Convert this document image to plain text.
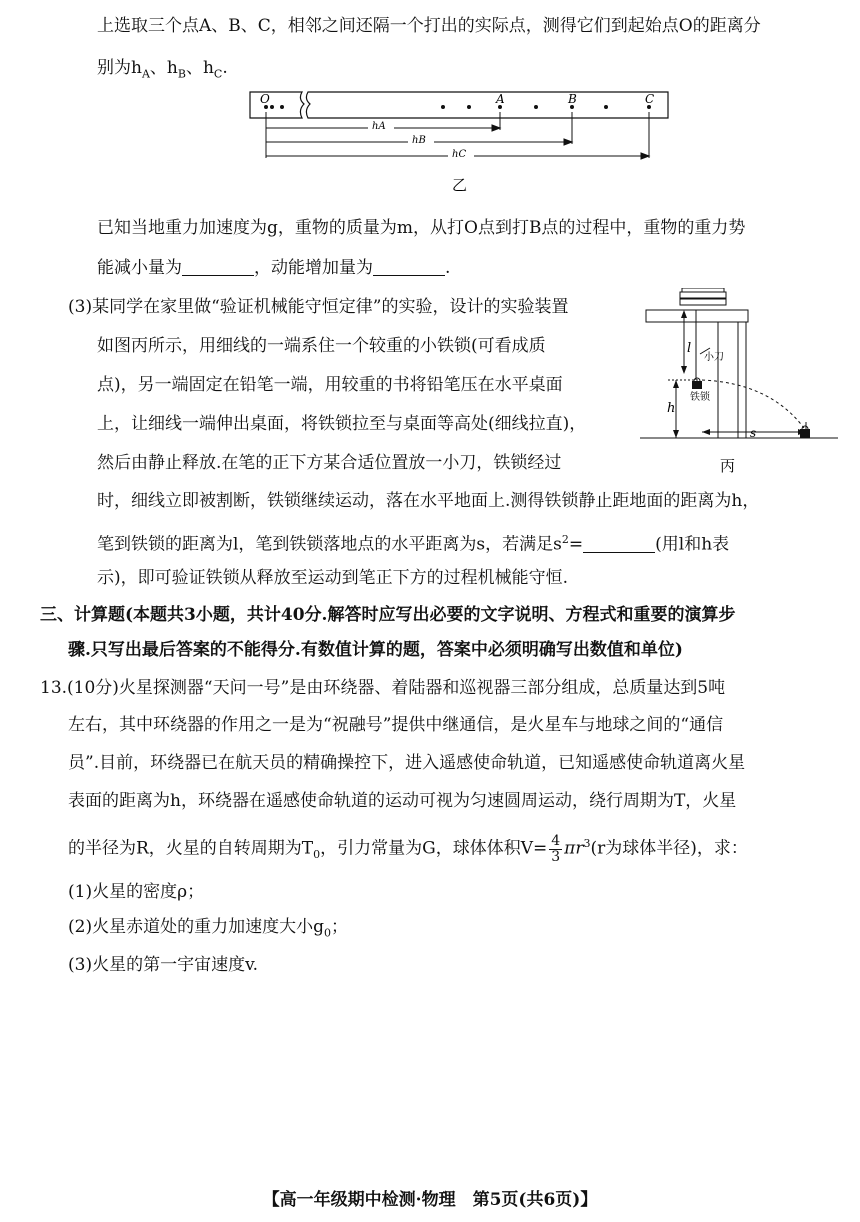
上选取三个点A、B、C，相邻之间还隔一个打出的实际点，测得它们到起始点O的距离分
别为$h_A$、$h_B$、$h_C$.
O	A	B	C
hA
hB
hC
乙
已知当地重力加速度为g，重物的质量为m，从打O点到打B点的过程中，重物的重力势
能减小量为	，动能增加量为	.
(3)某同学在家里做“验证机械能守恒定律”的实验，设计的实验装置
如图丙所示，用细线的一端系住一个较重的小铁锁(可看成质
点)，另一端固定在铅笔一端，用较重的书将铅笔压在水平桌面
上，让细线一端伸出桌面，将铁锁拉至与桌面等高处(细线拉直)，
然后由静止释放.在笔的正下方某合适位置放一小刀，铁锁经过
时，细线立即被割断，铁锁继续运动，落在水平地面上.测得铁锁静止距地面的距离为h，
笔到铁锁的距离为l，笔到铁锁落地点的水平距离为s，若满足$s^2=$	(用l和h表
示)，即可验证铁锁从释放至运动到笔正下方的过程机械能守恒.
l
小刀
铁锁
h
s
丙
三、计算题(本题共3小题，共计40分.解答时应写出必要的文字说明、方程式和重要的演算步
骤.只写出最后答案的不能得分.有数值计算的题，答案中必须明确写出数值和单位)
13.(10分)火星探测器“天问一号”是由环绕器、着陆器和巡视器三部分组成，总质量达到5吨
左右，其中环绕器的作用之一是为“祝融号”提供中继通信，是火星车与地球之间的“通信
员”.目前，环绕器已在航天员的精确操控下，进入遥感使命轨道，已知遥感使命轨道离火星
表面的距离为h，环绕器在遥感使命轨道的运动可视为匀速圆周运动，绕行周期为T，火星
的半径为R，火星的自转周期为$T_0$，引力常量为G，球体体积$V= \frac{4}{3} \pi r^3(r$为球体半径)，求：
(1)火星的密度ρ；
(2)火星赤道处的重力加速度大小$g_0$；
(3)火星的第一宇宙速度v.
【高一年级期中检测·物理　第5页(共6页)】
